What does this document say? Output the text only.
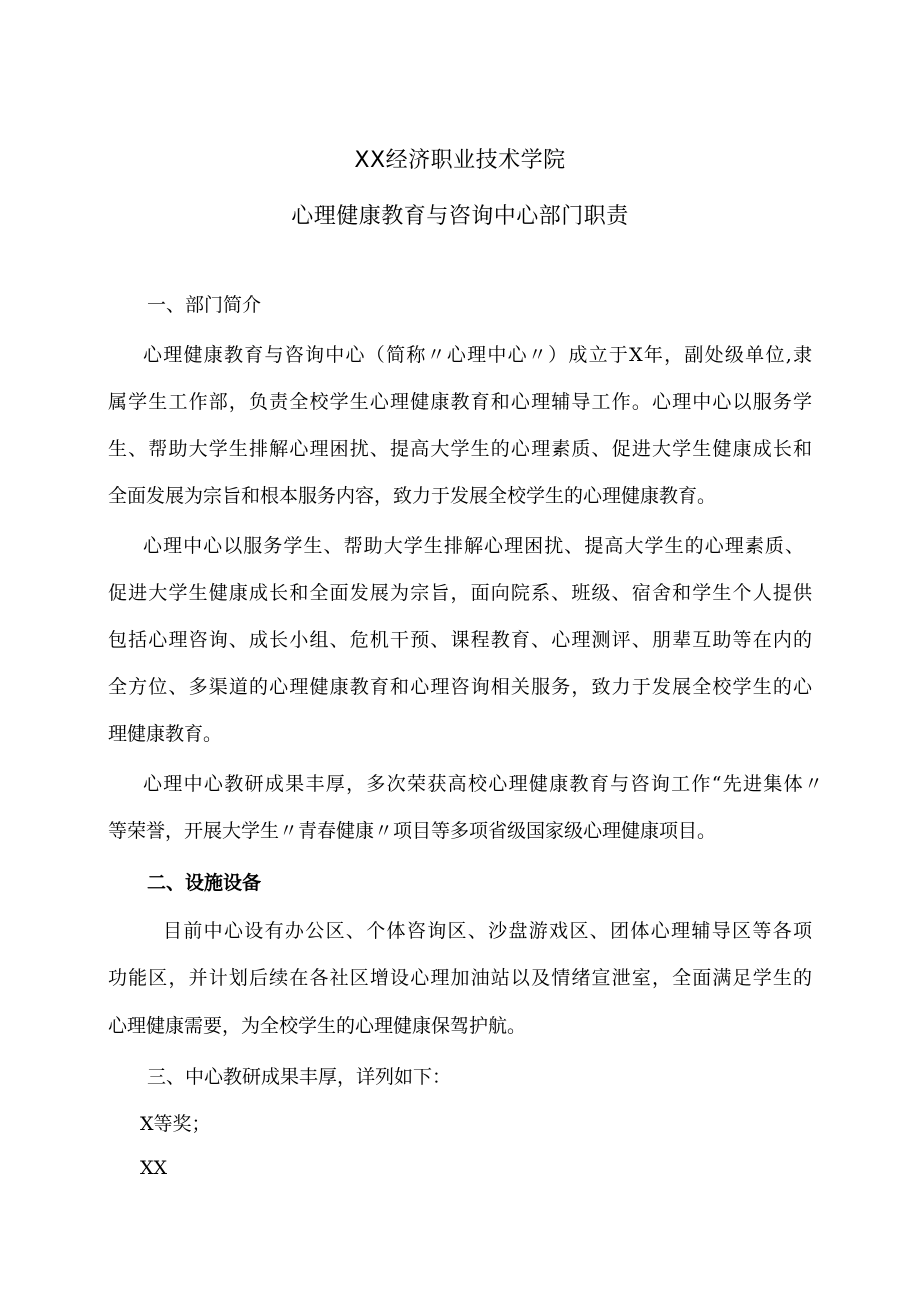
XX经济职业技术学院
心理健康教育与咨询中心部门职责
一、部门简介
心理健康教育与咨询中心（简称〃心理中心〃）成立于X年，副处级单位,隶
属学生工作部，负责全校学生心理健康教育和心理辅导工作。心理中心以服务学
生、帮助大学生排解心理困扰、提高大学生的心理素质、促进大学生健康成长和
全面发展为宗旨和根本服务内容，致力于发展全校学生的心理健康教育。
心理中心以服务学生、帮助大学生排解心理困扰、提高大学生的心理素质、
促进大学生健康成长和全面发展为宗旨，面向院系、班级、宿舍和学生个人提供
包括心理咨询、成长小组、危机干预、课程教育、心理测评、朋辈互助等在内的
全方位、多渠道的心理健康教育和心理咨询相关服务，致力于发展全校学生的心
理健康教育。
心理中心教研成果丰厚，多次荣获高校心理健康教育与咨询工作“先进集体〃
等荣誉，开展大学生〃青春健康〃项目等多项省级国家级心理健康项目。
二、设施设备
目前中心设有办公区、个体咨询区、沙盘游戏区、团体心理辅导区等各项
功能区，并计划后续在各社区增设心理加油站以及情绪宣泄室，全面满足学生的
心理健康需要，为全校学生的心理健康保驾护航。
三、中心教研成果丰厚，详列如下：
X等奖；
XX
